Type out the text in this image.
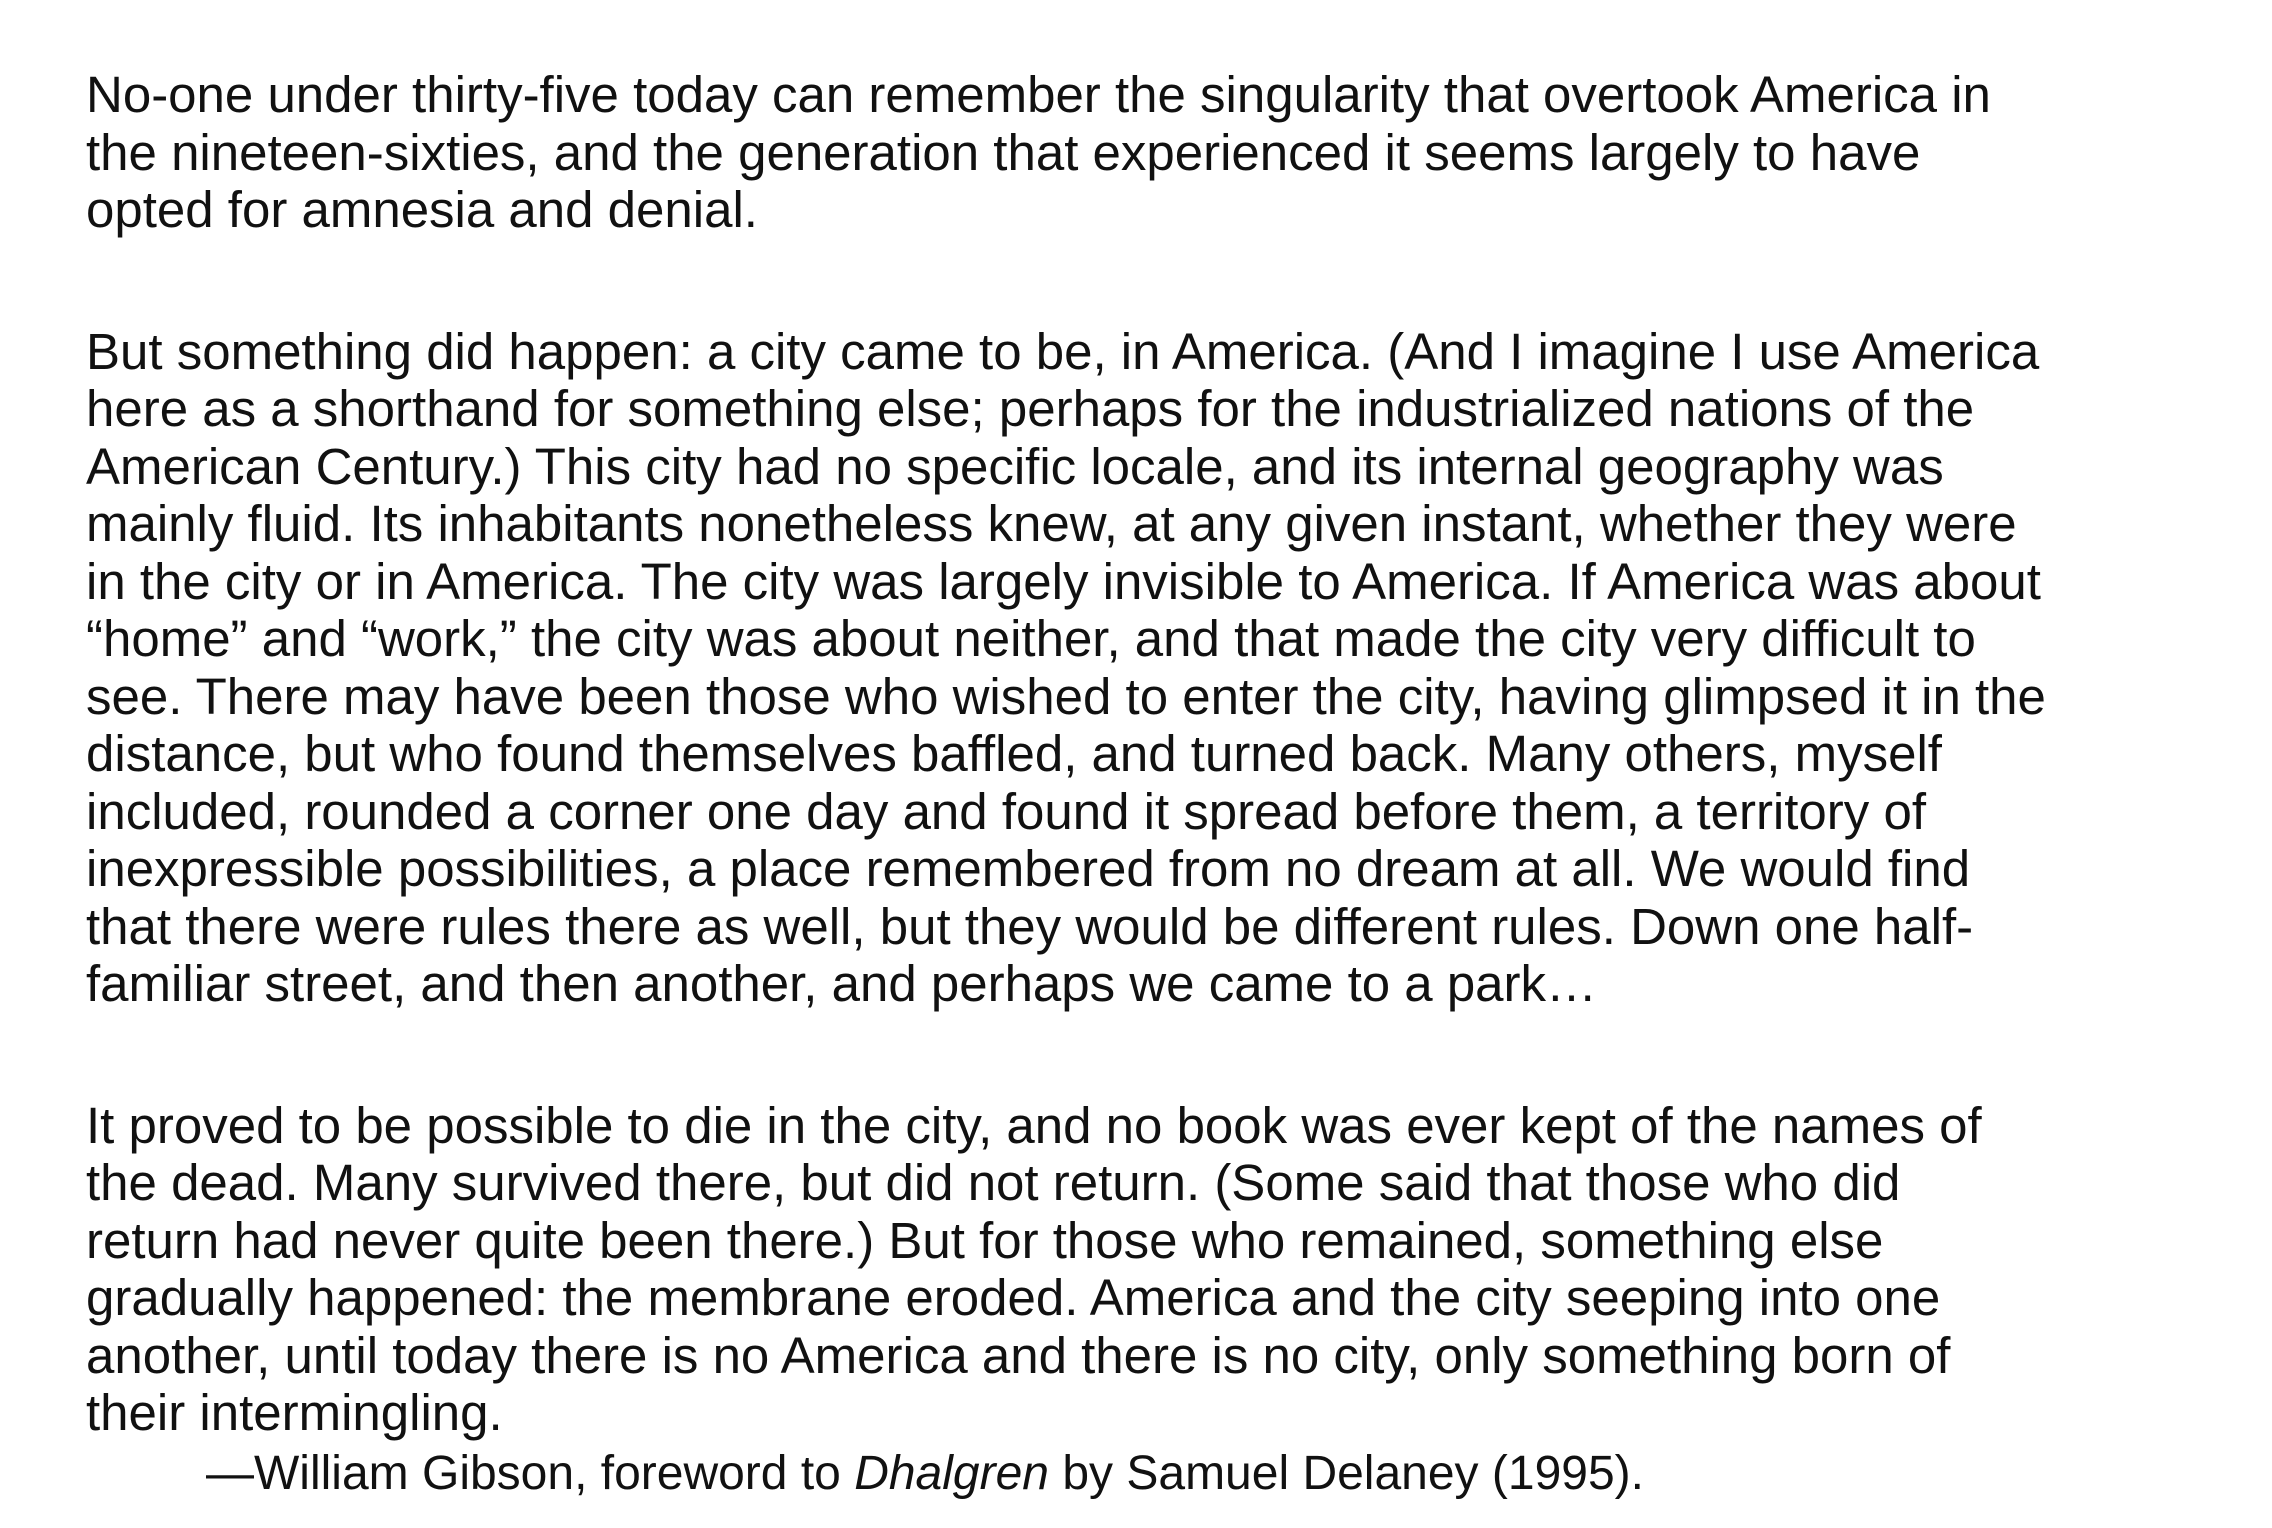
No-one under thirty-five today can remember the singularity that overtook America in
the nineteen-sixties, and the generation that experienced it seems largely to have
opted for amnesia and denial.

But something did happen: a city came to be, in America. (And I imagine I use America
here as a shorthand for something else; perhaps for the industrialized nations of the
American Century.) This city had no specific locale, and its internal geography was
mainly fluid. Its inhabitants nonetheless knew, at any given instant, whether they were
in the city or in America. The city was largely invisible to America. If America was about
“home” and “work,” the city was about neither, and that made the city very difficult to
see. There may have been those who wished to enter the city, having glimpsed it in the
distance, but who found themselves baffled, and turned back. Many others, myself
included, rounded a corner one day and found it spread before them, a territory of
inexpressible possibilities, a place remembered from no dream at all. We would find
that there were rules there as well, but they would be different rules. Down one half-
familiar street, and then another, and perhaps we came to a park…

It proved to be possible to die in the city, and no book was ever kept of the names of
the dead. Many survived there, but did not return. (Some said that those who did
return had never quite been there.) But for those who remained, something else
gradually happened: the membrane eroded. America and the city seeping into one
another, until today there is no America and there is no city, only something born of
their intermingling.

—William Gibson, foreword to Dhalgren by Samuel Delaney (1995).
